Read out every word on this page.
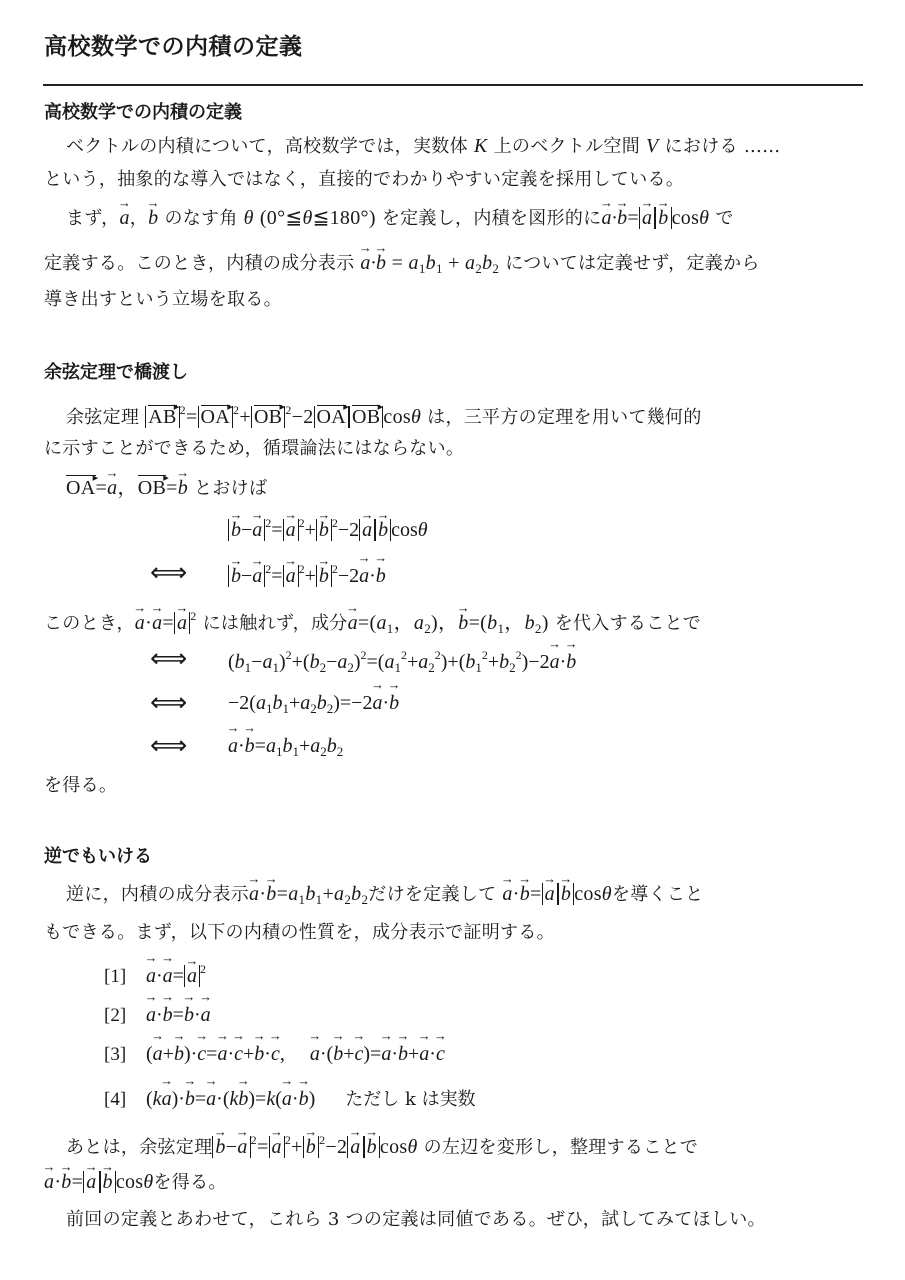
高校数学での内積の定義
高校数学での内積の定義
ベクトルの内積について，高校数学では，実数体 K 上のベクトル空間 V における ……
という，抽象的な導入ではなく，直接的でわかりやすい定義を採用している。
まず，→ a，→ b のなす角 θ (0°≦θ≦180°) を定義し，内積を図形的に→ a·→ b= → a → b cosθ で
定義する。このとき，内積の成分表示 → $a\cdot\to b = a_1b_1 + a_2b_2$ については定義せず，定義から
導き出すという立場を取る。
余弦定理で橋渡し
余弦定理 AB ▸ $^2$= OA ▸ $^2$+ OB ▸ $^2$−2 OA ▸ OB ▸ cosθ は，三平方の定理を用いて幾何的
に示すことができるため，循環論法にはならない。
OA ▸=→ a，OB ▸=→ b とおけば
→ b−→ a $^2$= → a $^2$+ → b $^2$−2 → a → b cosθ
⟺ → b−→ a $^2$= → a $^2$+ → b $^2$−2→ a·→ b
このとき，→ a·→ a= → a $^2$ には触れず，成分→ $a=(a_1$，$a_2$)，→ $b=(b_1$，$b_2$) を代入することで
⟺ $(b_1-a_1)^2+(b_2-a_2)^2=(a_1^2+a_2^2)+(b_1^2+b_2^2)-2\to a\cdot\to b$
⟺ $-2(a_1b_1+a_2b_2)=-2\to a\cdot\to b$
⟺ → $a\cdot\to b=a_1b_1+a_2b_2$
を得る。
逆でもいける
逆に，内積の成分表示→ $a\cdot\to b=a_1b_1+a_2b_2$だけを定義して → a·→ b= → a → b cosθを導くこと
もできる。まず，以下の内積の性質を，成分表示で証明する。
[1] → a·→ a= → a $^2$
[2] → a·→ b=→ b·→ a
[3] (→ a+→ b)·→ c=→ a·→ c+→ b·→ c,     → a·(→ b+→ c)=→ a·→ b+→ a·→ c
[4] (k→ a)·→ b=→ a·(k→ b)=k(→ a·→ b)      ただし k は実数
あとは，余弦定理 → b−→ a $^2$= → a $^2$+ → b $^2$−2 → a → b cosθ の左辺を変形し，整理することで
→ a·→ b= → a → b cosθを得る。
前回の定義とあわせて，これら 3 つの定義は同値である。ぜひ，試してみてほしい。
